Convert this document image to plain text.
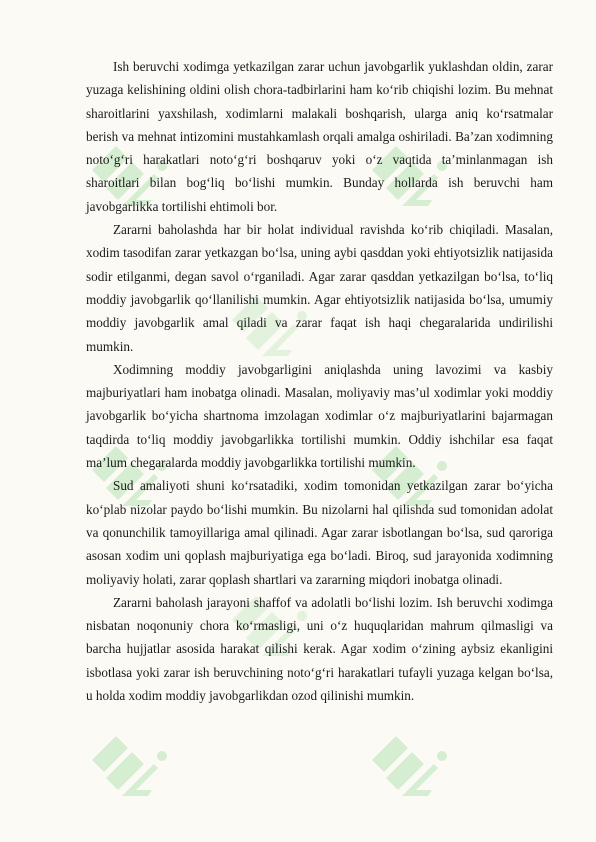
Ish beruvchi xodimga yetkazilgan zarar uchun javobgarlik yuklashdan oldin, zarar yuzaga kelishining oldini olish chora-tadbirlarini ham koʻrib chiqishi lozim. Bu mehnat sharoitlarini yaxshilash, xodimlarni malakali boshqarish, ularga aniq koʻrsatmalar berish va mehnat intizomini mustahkamlash orqali amalga oshiriladi. Baʼzan xodimning notoʻgʻri harakatlari notoʻgʻri boshqaruv yoki oʻz vaqtida taʼminlanmagan ish sharoitlari bilan bogʻliq boʻlishi mumkin. Bunday hollarda ish beruvchi ham javobgarlikka tortilishi ehtimoli bor.

Zararni baholashda har bir holat individual ravishda koʻrib chiqiladi. Masalan, xodim tasodifan zarar yetkazgan boʻlsa, uning aybi qasddan yoki ehtiyotsizlik natijasida sodir etilganmi, degan savol oʻrganiladi. Agar zarar qasddan yetkazilgan boʻlsa, toʻliq moddiy javobgarlik qoʻllanilishi mumkin. Agar ehtiyotsizlik natijasida boʻlsa, umumiy moddiy javobgarlik amal qiladi va zarar faqat ish haqi chegaralarida undirilishi mumkin.

Xodimning moddiy javobgarligini aniqlashda uning lavozimi va kasbiy majburiyatlari ham inobatga olinadi. Masalan, moliyaviy masʼul xodimlar yoki moddiy javobgarlik boʻyicha shartnoma imzolagan xodimlar oʻz majburiyatlarini bajarmagan taqdirda toʻliq moddiy javobgarlikka tortilishi mumkin. Oddiy ishchilar esa faqat maʼlum chegaralarda moddiy javobgarlikka tortilishi mumkin.

Sud amaliyoti shuni koʻrsatadiki, xodim tomonidan yetkazilgan zarar boʻyicha koʻplab nizolar paydo boʻlishi mumkin. Bu nizolarni hal qilishda sud tomonidan adolat va qonunchilik tamoyillariga amal qilinadi. Agar zarar isbotlangan boʻlsa, sud qaroriga asosan xodim uni qoplash majburiyatiga ega boʻladi. Biroq, sud jarayonida xodimning moliyaviy holati, zarar qoplash shartlari va zararning miqdori inobatga olinadi.

Zararni baholash jarayoni shaffof va adolatli boʻlishi lozim. Ish beruvchi xodimga nisbatan noqonuniy chora koʻrmasligi, uni oʻz huquqlaridan mahrum qilmasligi va barcha hujjatlar asosida harakat qilishi kerak. Agar xodim oʻzining aybsiz ekanligini isbotlasa yoki zarar ish beruvchining notoʻgʻri harakatlari tufayli yuzaga kelgan boʻlsa, u holda xodim moddiy javobgarlikdan ozod qilinishi mumkin.
